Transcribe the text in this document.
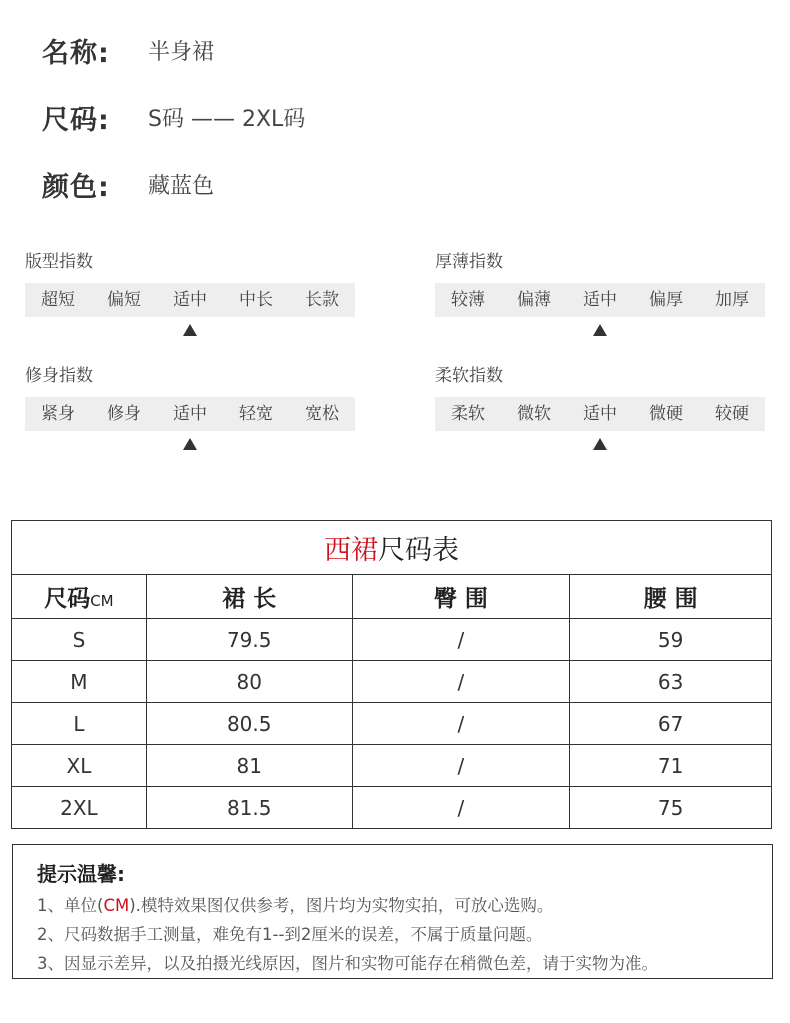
名称:	半身裙
尺码:	S码 —— 2XL码
颜色:	藏蓝色
版型指数
超短	偏短	适中	中长	长款
厚薄指数
较薄	偏薄	适中	偏厚	加厚
修身指数
紧身	修身	适中	轻宽	宽松
柔软指数
柔软	微软	适中	微硬	较硬
西裙尺码表			
尺码CM	裙 长	臀 围	腰 围
S	79.5	/	59
M	80	/	63
L	80.5	/	67
XL	81	/	71
2XL	81.5	/	75
提示温馨:
1、单位(CM).模特效果图仅供参考，图片均为实物实拍，可放心选购。
2、尺码数据手工测量，难免有1--到2厘米的误差，不属于质量问题。
3、因显示差异，以及拍摄光线原因，图片和实物可能存在稍微色差，请于实物为准。
